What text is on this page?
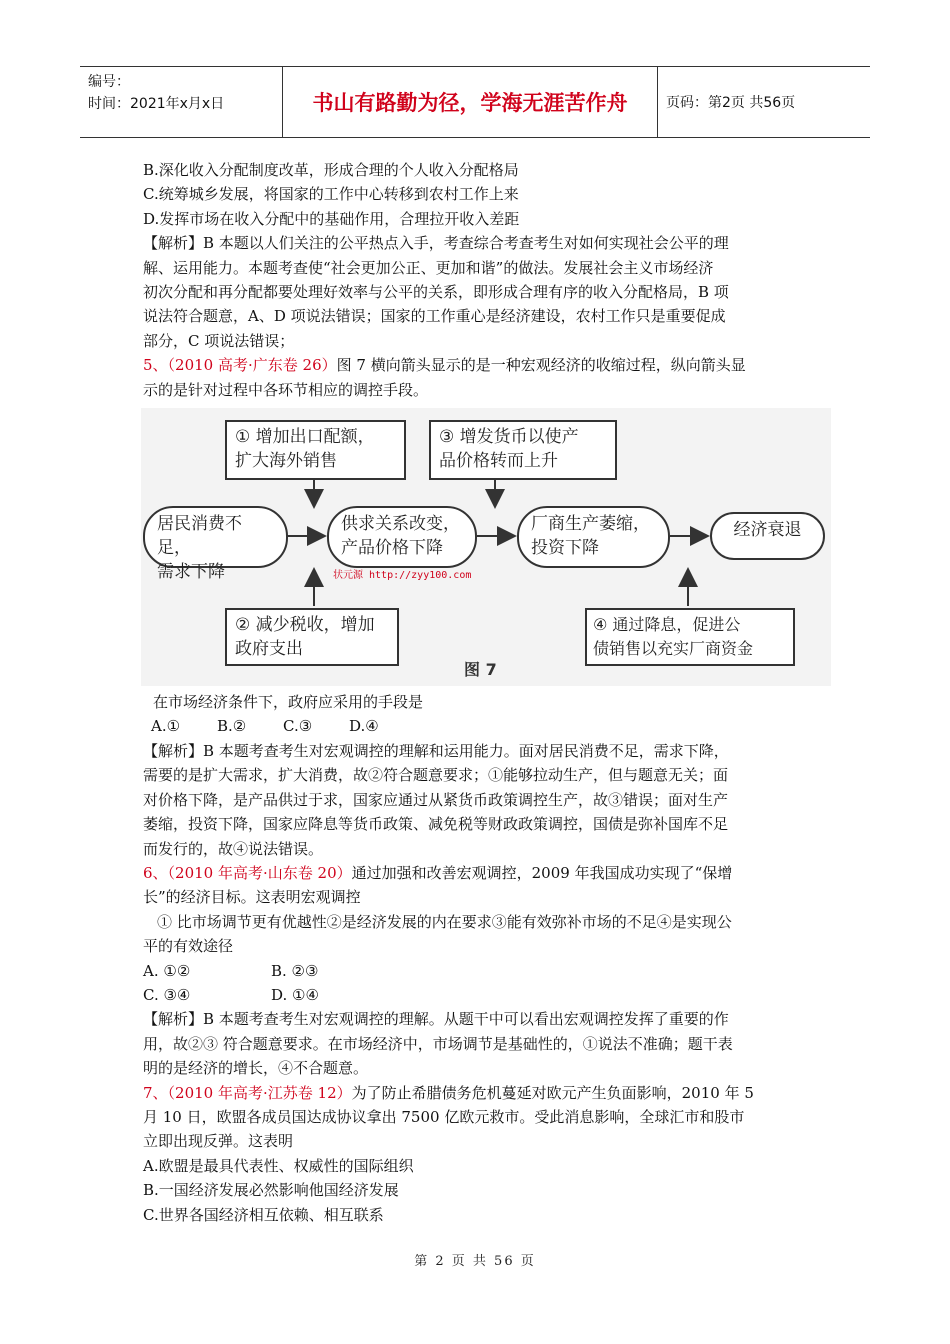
编号：
时间：2021年x月x日	书山有路勤为径，学海无涯苦作舟	页码：第2页 共56页

B.深化收入分配制度改革，形成合理的个人收入分配格局

C.统筹城乡发展，将国家的工作中心转移到农村工作上来

D.发挥市场在收入分配中的基础作用，合理拉开收入差距

【解析】B 本题以人们关注的公平热点入手，考查综合考查考生对如何实现社会公平的理

解、运用能力。本题考查使“社会更加公正、更加和谐”的做法。发展社会主义市场经济

初次分配和再分配都要处理好效率与公平的关系，即形成合理有序的收入分配格局，B 项

说法符合题意，A、D 项说法错误；国家的工作重心是经济建设，农村工作只是重要促成

部分，C 项说法错误；

5、（2010 高考·广东卷 26）图 7 横向箭头显示的是一种宏观经济的收缩过程，纵向箭头显

示的是针对过程中各环节相应的调控手段。

① 增加出口配额，
扩大海外销售
③ 增发货币以使产
品价格转而上升
居民消费不足，
需求下降
供求关系改变，
产品价格下降
厂商生产萎缩，
投资下降
经济衰退
状元源 http://zyy100.com
② 减少税收，增加
政府支出
④ 通过降息，促进公
债销售以充实厂商资金
图 7

在市场经济条件下，政府应采用的手段是

A.① B.② C.③ D.④

【解析】B 本题考查考生对宏观调控的理解和运用能力。面对居民消费不足，需求下降，

需要的是扩大需求，扩大消费，故②符合题意要求；①能够拉动生产，但与题意无关；面

对价格下降，是产品供过于求，国家应通过从紧货币政策调控生产，故③错误；面对生产

萎缩，投资下降，国家应降息等货币政策、减免税等财政政策调控，国债是弥补国库不足

而发行的，故④说法错误。

6、（2010 年高考·山东卷 20）通过加强和改善宏观调控，2009 年我国成功实现了“保增

长”的经济目标。这表明宏观调控

① 比市场调节更有优越性②是经济发展的内在要求③能有效弥补市场的不足④是实现公

平的有效途径

A. ①②	B. ②③

C. ③④	D. ①④

【解析】B 本题考查考生对宏观调控的理解。从题干中可以看出宏观调控发挥了重要的作

用，故②③ 符合题意要求。在市场经济中，市场调节是基础性的，①说法不准确；题干表

明的是经济的增长，④不合题意。

7、（2010 年高考·江苏卷 12）为了防止希腊债务危机蔓延对欧元产生负面影响，2010 年 5

月 10 日，欧盟各成员国达成协议拿出 7500 亿欧元救市。受此消息影响，全球汇市和股市

立即出现反弹。这表明

A.欧盟是最具代表性、权威性的国际组织

B.一国经济发展必然影响他国经济发展

C.世界各国经济相互依赖、相互联系

第 2 页 共 56 页
